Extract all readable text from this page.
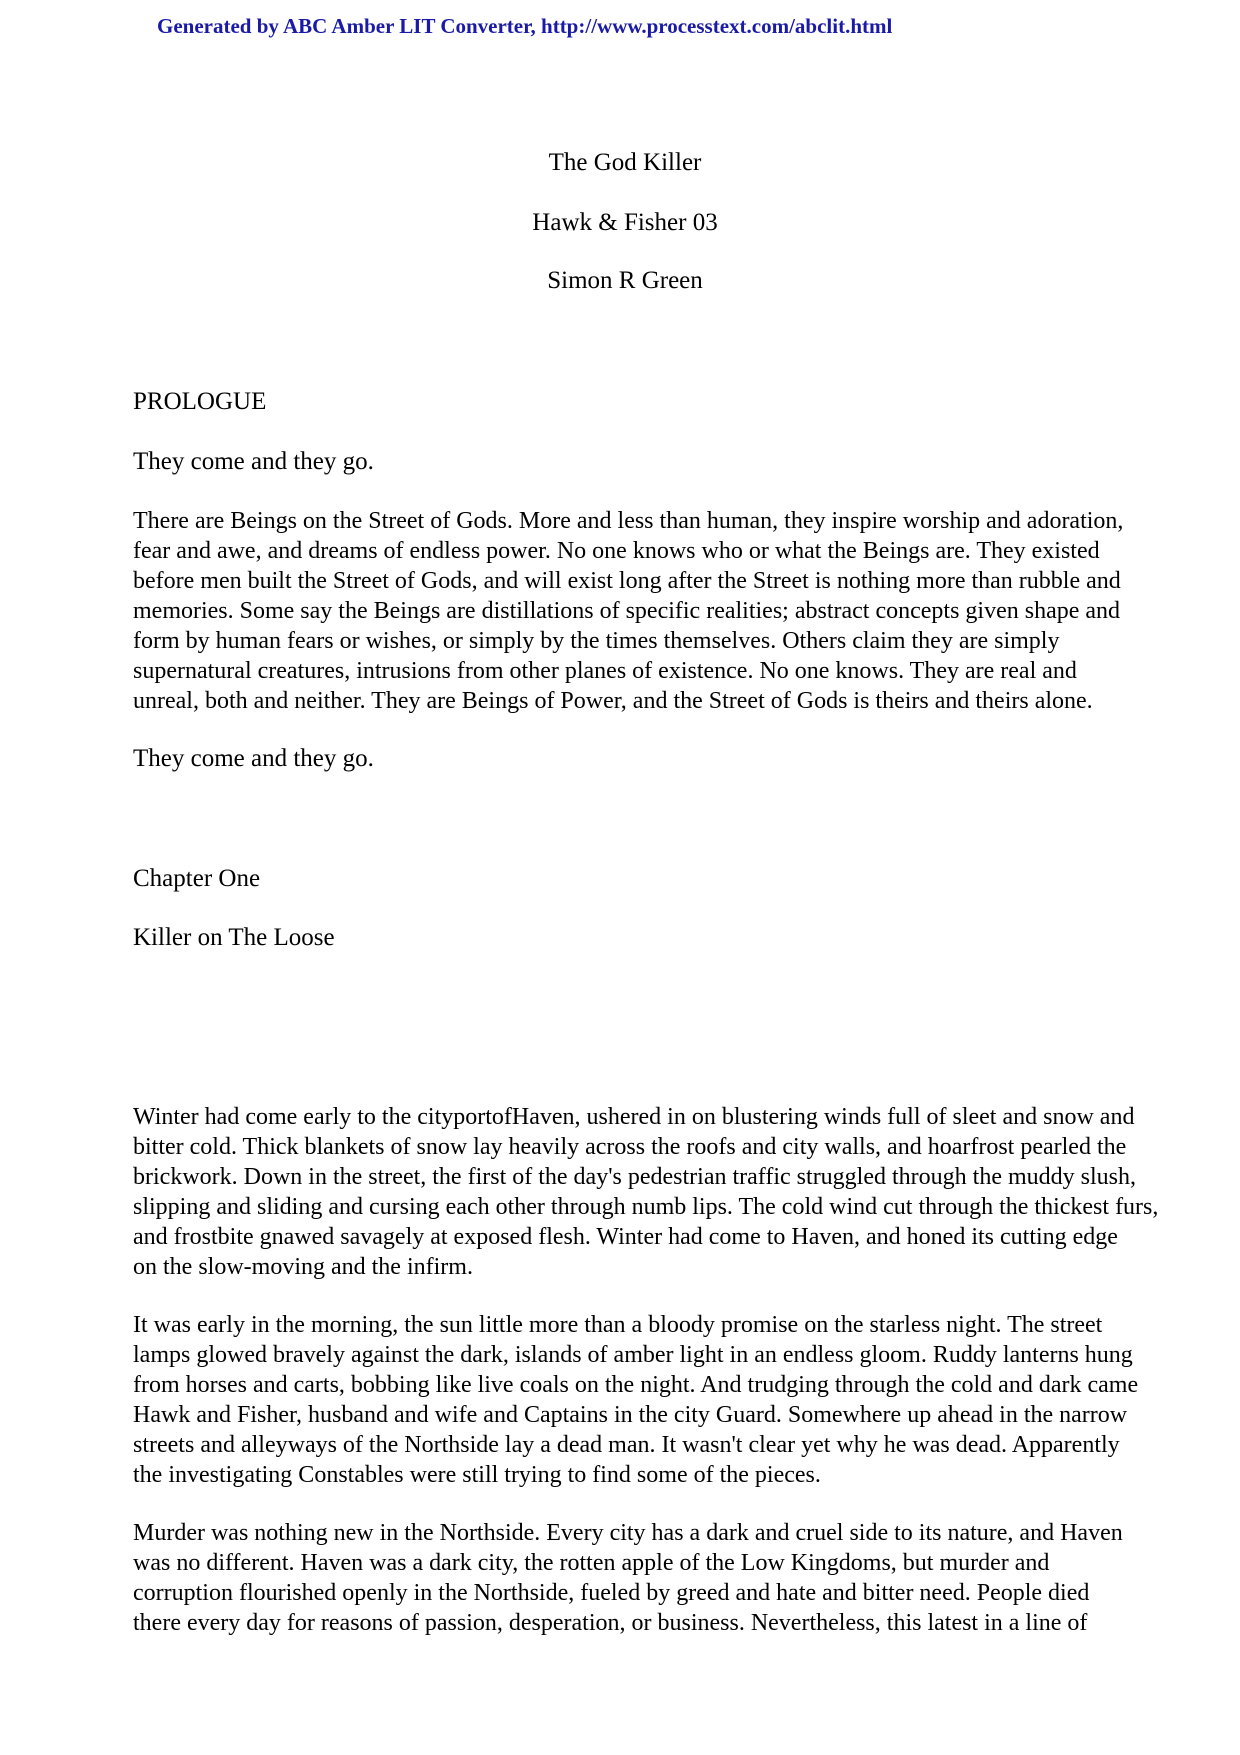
Generated by ABC Amber LIT Converter, http://www.processtext.com/abclit.html
The God Killer
Hawk & Fisher 03
Simon R Green
PROLOGUE
They come and they go.
There are Beings on the Street of Gods. More and less than human, they inspire worship and adoration,
fear and awe, and dreams of endless power. No one knows who or what the Beings are. They existed
before men built the Street of Gods, and will exist long after the Street is nothing more than rubble and
memories. Some say the Beings are distillations of specific realities; abstract concepts given shape and
form by human fears or wishes, or simply by the times themselves. Others claim they are simply
supernatural creatures, intrusions from other planes of existence. No one knows. They are real and
unreal, both and neither. They are Beings of Power, and the Street of Gods is theirs and theirs alone.
They come and they go.
Chapter One
Killer on The Loose
Winter had come early to the cityportofHaven, ushered in on blustering winds full of sleet and snow and
bitter cold. Thick blankets of snow lay heavily across the roofs and city walls, and hoarfrost pearled the
brickwork. Down in the street, the first of the day's pedestrian traffic struggled through the muddy slush,
slipping and sliding and cursing each other through numb lips. The cold wind cut through the thickest furs,
and frostbite gnawed savagely at exposed flesh. Winter had come to Haven, and honed its cutting edge
on the slow-moving and the infirm.
It was early in the morning, the sun little more than a bloody promise on the starless night. The street
lamps glowed bravely against the dark, islands of amber light in an endless gloom. Ruddy lanterns hung
from horses and carts, bobbing like live coals on the night. And trudging through the cold and dark came
Hawk and Fisher, husband and wife and Captains in the city Guard. Somewhere up ahead in the narrow
streets and alleyways of the Northside lay a dead man. It wasn't clear yet why he was dead. Apparently
the investigating Constables were still trying to find some of the pieces.
Murder was nothing new in the Northside. Every city has a dark and cruel side to its nature, and Haven
was no different. Haven was a dark city, the rotten apple of the Low Kingdoms, but murder and
corruption flourished openly in the Northside, fueled by greed and hate and bitter need. People died
there every day for reasons of passion, desperation, or business. Nevertheless, this latest in a line of
